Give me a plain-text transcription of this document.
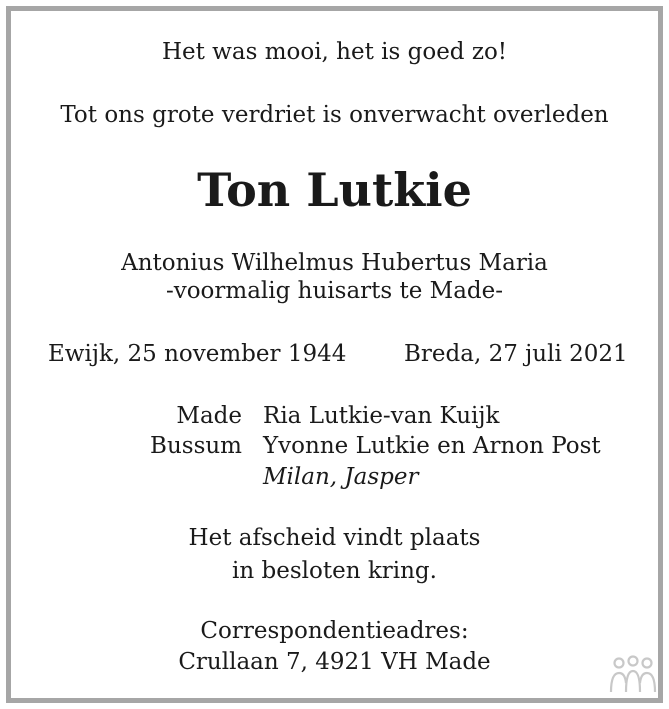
Het was mooi, het is goed zo!
Tot ons grote verdriet is onverwacht overleden
Ton Lutkie
Antonius Wilhelmus Hubertus Maria
-voormalig huisarts te Made-
Ewijk, 25 november 1944	Breda, 27 juli 2021
Made Ria Lutkie-van Kuijk
Bussum Yvonne Lutkie en Arnon Post
Milan, Jasper
Het afscheid vindt plaats
in besloten kring.
Correspondentieadres:
Crullaan 7, 4921 VH Made
